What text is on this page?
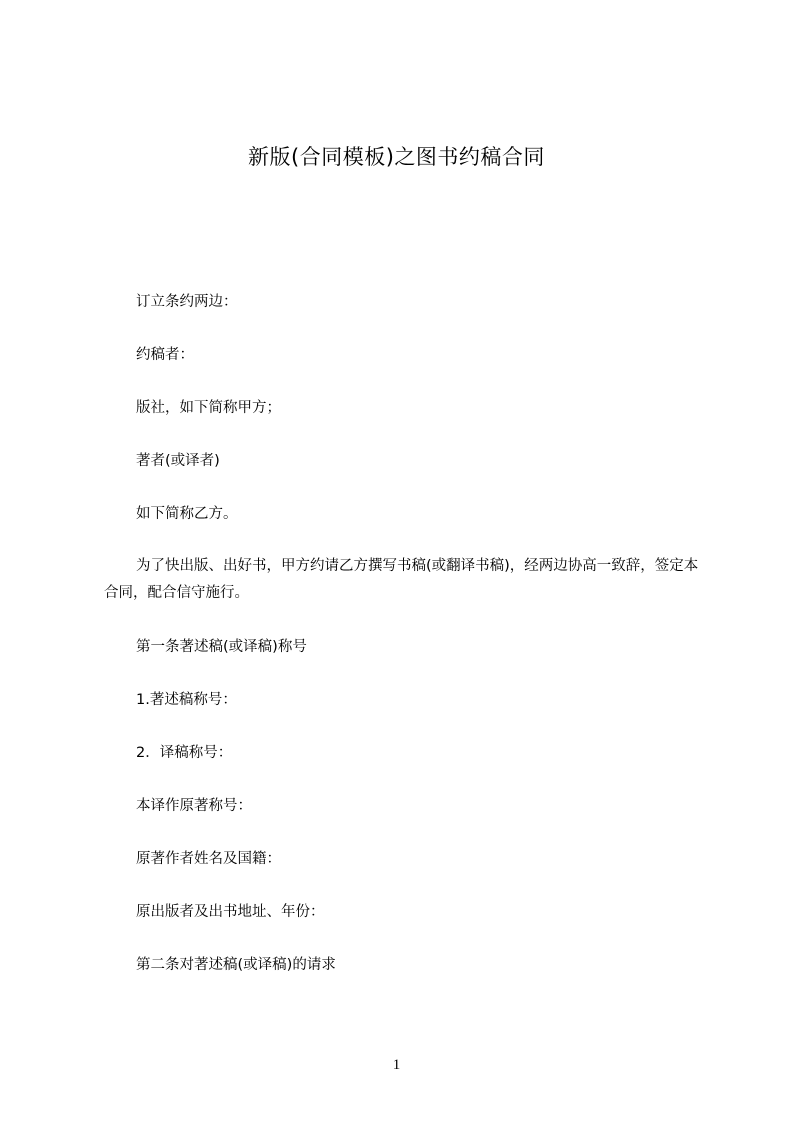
新版(合同模板)之图书约稿合同
订立条约两边：
约稿者：
版社，如下简称甲方；
著者(或译者)
如下简称乙方。
为了快出版、出好书，甲方约请乙方撰写书稿(或翻译书稿)，经两边协高一致辞，签定本合同，配合信守施行。
第一条著述稿(或译稿)称号
1.著述稿称号：
2．译稿称号：
本译作原著称号：
原著作者姓名及国籍：
原出版者及出书地址、年份：
第二条对著述稿(或译稿)的请求
1
